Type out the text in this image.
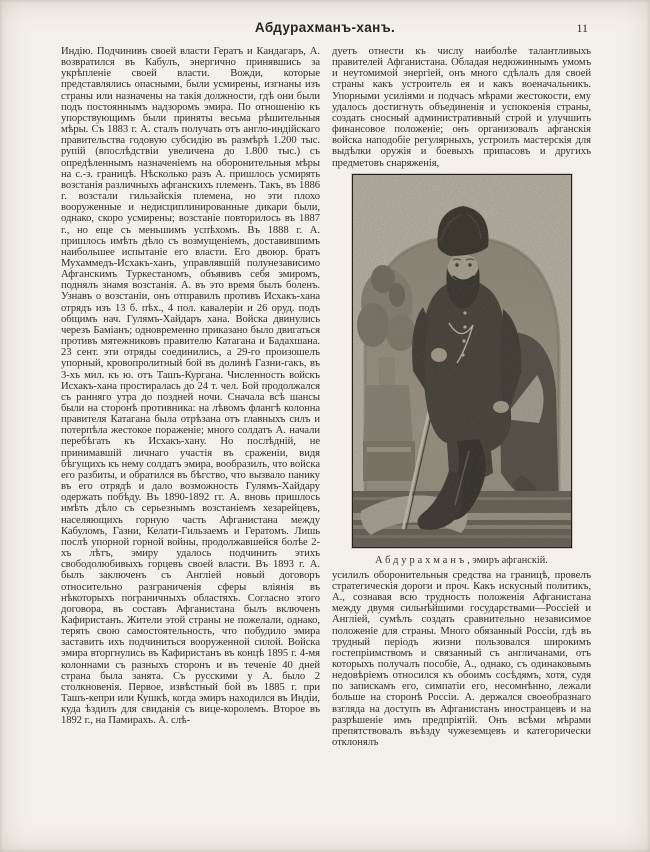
Абдурахманъ-ханъ.	11

Индію. Подчинивъ своей власти Гератъ и Кандагаръ, А. возвратился въ Кабулъ, энергично принявшись за укрѣпленіе своей власти. Вожди, которые представлялись опасными, были усмирены, изгнаны изъ страны или назначены на такія должности, гдѣ они были подъ постояннымъ надзоромъ эмира. По отношенію къ упорствующимъ были приняты весьма рѣшительныя мѣры. Съ 1883 г. А. сталъ получать отъ англо-индійскаго правительства годовую субсидію въ размѣрѣ 1.200 тыс. рупій (впослѣдствіи увеличена до 1.800 тыс.) съ опредѣленнымъ назначеніемъ на оборонительныя мѣры на с.-з. границѣ. Нѣсколько разъ А. пришлось усмирять возстанія различныхъ афганскихъ племенъ. Такъ, въ 1886 г. возстали гильзайскія племена, но эти плохо вооруженные и недисциплинированные дикари были, однако, скоро усмирены; возстаніе повторилось въ 1887 г., но еще съ меньшимъ успѣхомъ. Въ 1888 г. А. пришлось имѣть дѣло съ возмущеніемъ, доставившимъ наибольшее испытаніе его власти. Его двоюр. братъ Мухаммедъ-Исхакъ-ханъ, управлявшій полунезависимо Афганскимъ Туркестаномъ, объявивъ себя эмиромъ, поднялъ знамя возстанія. А. въ это время былъ боленъ. Узнавъ о возстаніи, онъ отправилъ противъ Исхакъ-хана отрядъ изъ 13 б. пѣх., 4 пол. кавалеріи и 26 оруд. подъ общимъ нач. Гулямъ-Хайдаръ хана. Войска двинулись черезъ Баміанъ; одновременно приказано было двигаться противъ мятежниковъ правителю Катагана и Бадахшана. 23 сент. эти отряды соединились, а 29-го произошелъ упорный, кровопролитный бой въ долинѣ Газни-гакъ, въ 3-хъ мил. къ ю. отъ Ташъ-Кургана. Численность войскъ Исхакъ-хана простиралась до 24 т. чел. Бой продолжался съ ранняго утра до поздней ночи. Сначала всѣ шансы были на сторонѣ противника: на лѣвомъ флангѣ колонна правителя Катагана была отрѣзана отъ главныхъ силъ и потерпѣла жестокое пораженіе; много солдатъ А. начали перебѣгать къ Исхакъ-хану. Но послѣдній, не принимавшій личнаго участія въ сраженіи, видя бѣгущихъ къ нему солдатъ эмира, вообразилъ, что войска его разбиты, и обратился въ бѣгство, что вызвало панику въ его отрядѣ и дало возможность Гулямъ-Хайдару одержать побѣду. Въ 1890-1892 гг. А. вновь пришлось имѣть дѣло съ серьезнымъ возстаніемъ хезарейцевъ, населяющихъ горную часть Афганистана между Кабуломъ, Газни, Келати-Гильзаемъ и Гератомъ. Лишь послѣ упорной горной войны, продолжавшейся болѣе 2-хъ лѣтъ, эмиру удалось подчинить этихъ свободолюбивыхъ горцевъ своей власти. Въ 1893 г. А. былъ заключенъ съ Англіей новый договоръ относительно разграниченія сферы вліянія въ нѣкоторыхъ пограничныхъ областяхъ. Согласно этого договора, въ составъ Афганистана былъ включенъ Кафиристанъ. Жители этой страны не пожелали, однако, терять свою самостоятельность, что побудило эмира заставить ихъ подчиниться вооруженной силой. Войска эмира вторгнулись въ Кафиристанъ въ концѣ 1895 г. 4-мя колоннами съ разныхъ сторонъ и въ теченіе 40 дней страна была занята. Съ русскими у А. было 2 столкновенія. Первое, извѣстный бой въ 1885 г. при Ташъ-кепри или Кушкѣ, когда эмиръ находился въ Индіи, куда ѣздилъ для свиданія съ вице-королемъ. Второе въ 1892 г., на Памирахъ. А. слѣ-

дуетъ отнести къ числу наиболѣе талантливыхъ правителей Афганистана. Обладая недюжиннымъ умомъ и неутомимой энергіей, онъ много сдѣлалъ для своей страны какъ устроитель ея и какъ военачальникъ. Упорными усиліями и подчасъ мѣрами жестокости, ему удалось достигнуть объединенія и успокоенія страны, создать сносный административный строй и улучшить финансовое положеніе; онъ организовалъ афганскія войска наподобіе регулярныхъ, устроилъ мастерскія для выдѣлки оружія и боевыхъ припасовъ и другихъ предметовъ снаряженія,

Абдурахманъ, эмиръ афганскій.

усилилъ оборонительныя средства на границѣ, провелъ стратегическія дороги и проч. Какъ искусный политикъ, А., сознавая всю трудность положенія Афганистана между двумя сильнѣйшими государствами—Россіей и Англіей, сумѣлъ создать сравнительно независимое положеніе для страны. Много обязанный Россіи, гдѣ въ трудный періодъ жизни пользовался широкимъ гостепріимствомъ и связанный съ англичанами, отъ которыхъ получалъ пособіе, А., однако, съ одинаковымъ недовѣріемъ относился къ обоимъ сосѣдямъ, хотя, судя по запискамъ его, симпатіи его, несомнѣнно, лежали больше на сторонѣ Россіи. А. держался своеобразнаго взгляда на доступъ въ Афганистанъ иностранцевъ и на разрѣшеніе имъ предпріятій. Онъ всѣми мѣрами препятствовалъ въѣзду чужеземцевъ и категорически отклонялъ
